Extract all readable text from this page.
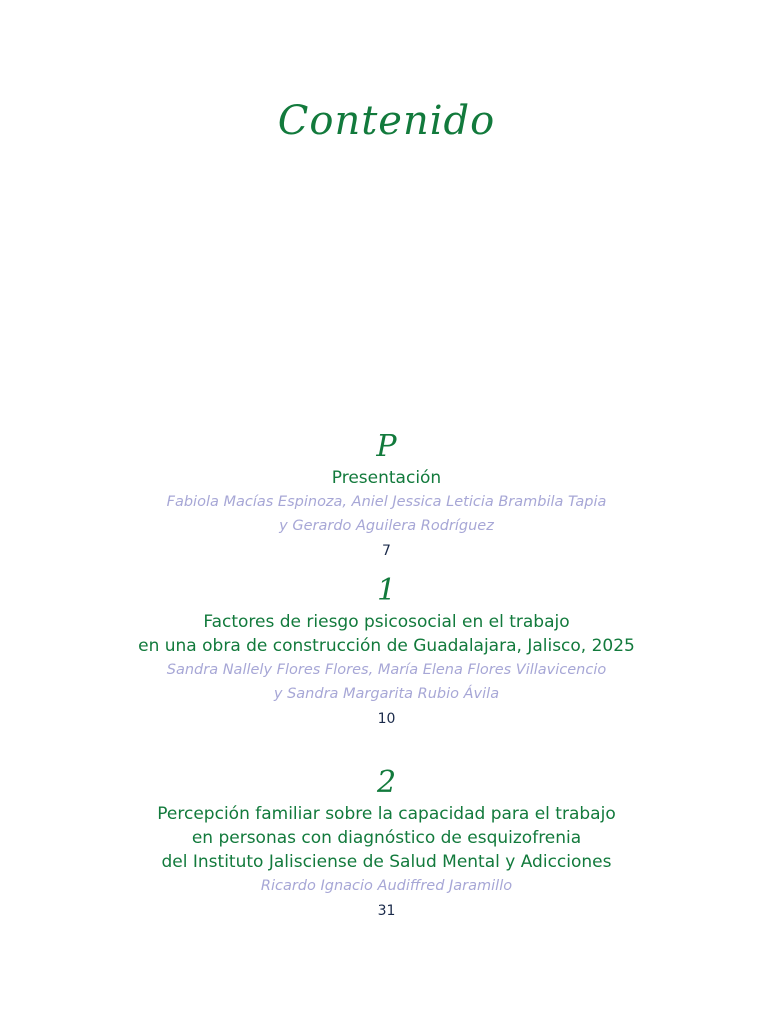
Contenido
P
Presentación
Fabiola Macías Espinoza, Aniel Jessica Leticia Brambila Tapia
y Gerardo Aguilera Rodríguez
7
1
Factores de riesgo psicosocial en el trabajo
en una obra de construcción de Guadalajara, Jalisco, 2025
Sandra Nallely Flores Flores, María Elena Flores Villavicencio
y Sandra Margarita Rubio Ávila
10
2
Percepción familiar sobre la capacidad para el trabajo
en personas con diagnóstico de esquizofrenia
del Instituto Jalisciense de Salud Mental y Adicciones
Ricardo Ignacio Audiffred Jaramillo
31
